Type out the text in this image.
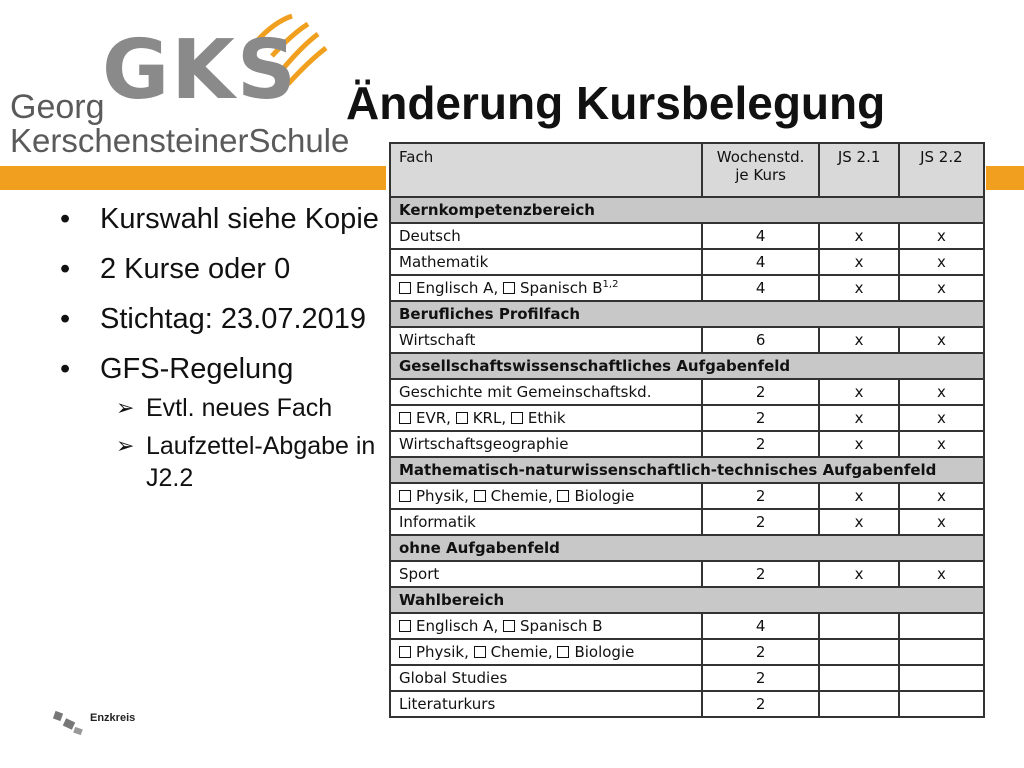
GKS
Georg
KerschensteinerSchule
Änderung Kursbelegung
• Kurswahl siehe Kopie
• 2 Kurse oder 0
• Stichtag: 23.07.2019
• GFS-Regelung
➢ Evtl. neues Fach
➢ Laufzettel-Abgabe in J2.2
Fach	Wochenstd. je Kurs	JS 2.1	JS 2.2
Kernkompetenzbereich			
Deutsch	4	x	x
Mathematik	4	x	x
Englisch A, Spanisch B$^{1,2}$	4	x	x
Berufliches Profilfach			
Wirtschaft	6	x	x
Gesellschaftswissenschaftliches Aufgabenfeld			
Geschichte mit Gemeinschaftskd.	2	x	x
EVR, KRL, Ethik	2	x	x
Wirtschaftsgeographie	2	x	x
Mathematisch-naturwissenschaftlich-technisches Aufgabenfeld			
Physik, Chemie, Biologie	2	x	x
Informatik	2	x	x
ohne Aufgabenfeld			
Sport	2	x	x
Wahlbereich			
Englisch A, Spanisch B	4		
Physik, Chemie, Biologie	2		
Global Studies	2		
Literaturkurs	2		
Enzkreis
